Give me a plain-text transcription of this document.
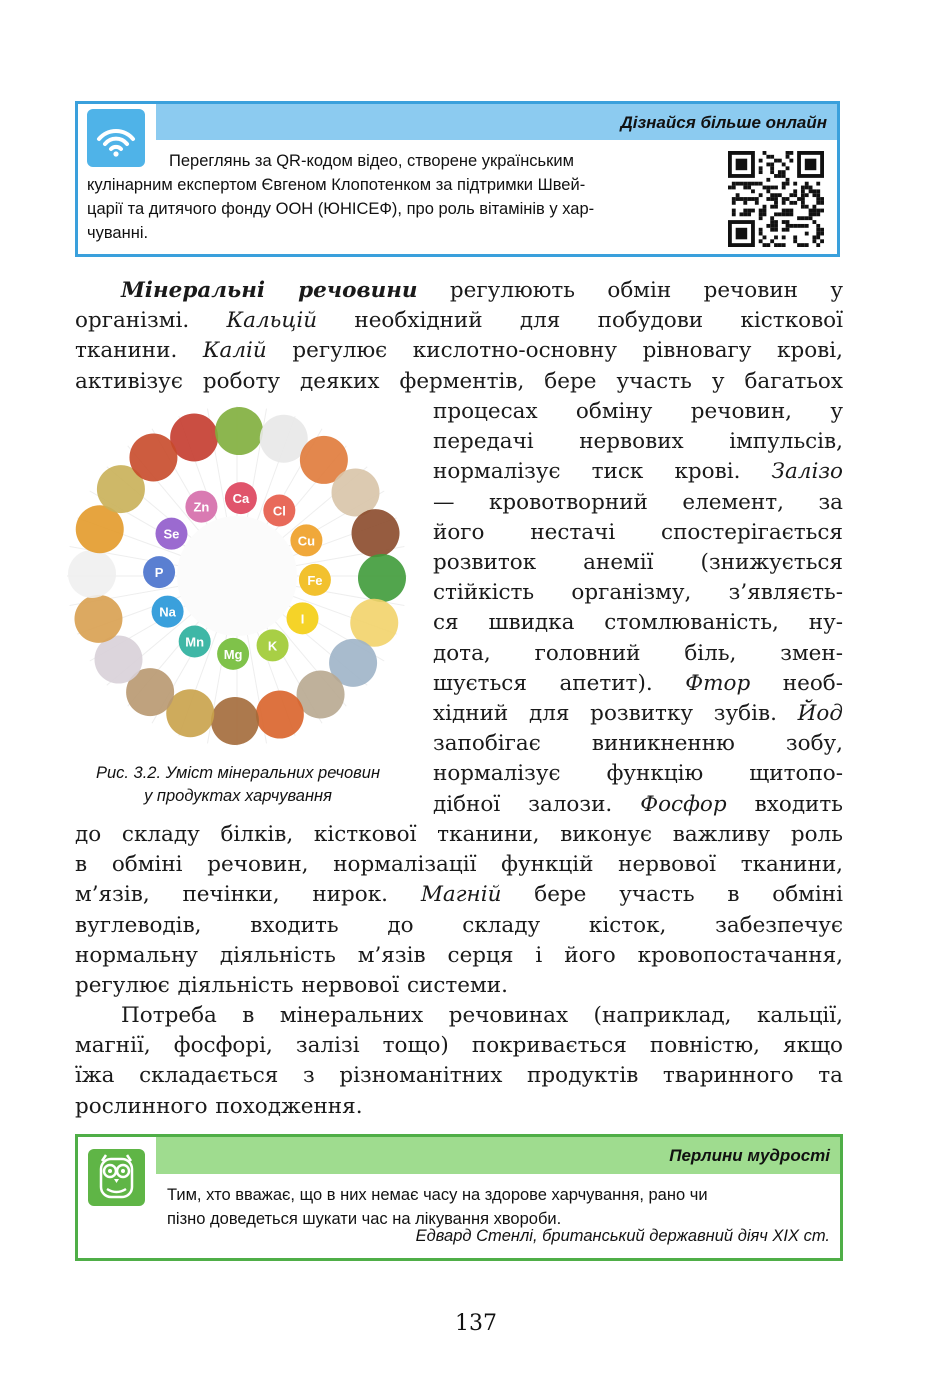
Дізнайся більше онлайн
Переглянь за QR-кодом відео, створене українським
кулінарним експертом Євгеном Клопотенком за підтримки Швей-
царії та дитячого фонду ООН (ЮНІСЕФ), про роль вітамінів у хар-
чуванні.
Мінеральні речовини регулюють обмін речовин у
організмі. Кальцій необхідний для побудови кісткової
тканини. Калій регулює кислотно-основну рівновагу крові,
активізує роботу деяких ферментів, бере участь у багатьох
процесах обміну речовин, у
передачі нервових імпульсів,
нормалізує тиск крові. Залізо
— кровотворний елемент, за
його нестачі спостерігається
розвиток анемії (знижується
стійкість організму, з’являєть-
ся швидка стомлюваність, ну-
дота, головний біль, змен-
шується апетит). Фтор необ-
хідний для розвитку зубів. Йод
запобігає виникненню зобу,
нормалізує функцію щитопо-
дібної залози. Фосфор входить
Ca
Cl
Cu
Fe
I
K
Mg
Mn
Na
P
Se
Zn
Рис. 3.2. Уміст мінеральних речовин
у продуктах харчування
до складу білків, кісткової тканини, виконує важливу роль
в обміні речовин, нормалізації функцій нервової тканини,
м’язів, печінки, нирок. Магній бере участь в обміні
вуглеводів, входить до складу кісток, забезпечує
нормальну діяльність м’язів серця і його кровопостачання,
регулює діяльність нервової системи.
Потреба в мінеральних речовинах (наприклад, кальції,
магнії, фосфорі, залізі тощо) покривається повністю, якщо
їжа складається з різноманітних продуктів тваринного та
рослинного походження.
Перлини мудрості
Тим, хто вважає, що в них немає часу на здорове харчування, рано чи
пізно доведеться шукати час на лікування хвороби.
Едвард Стенлі, британський державний діяч XIX ст.
137
